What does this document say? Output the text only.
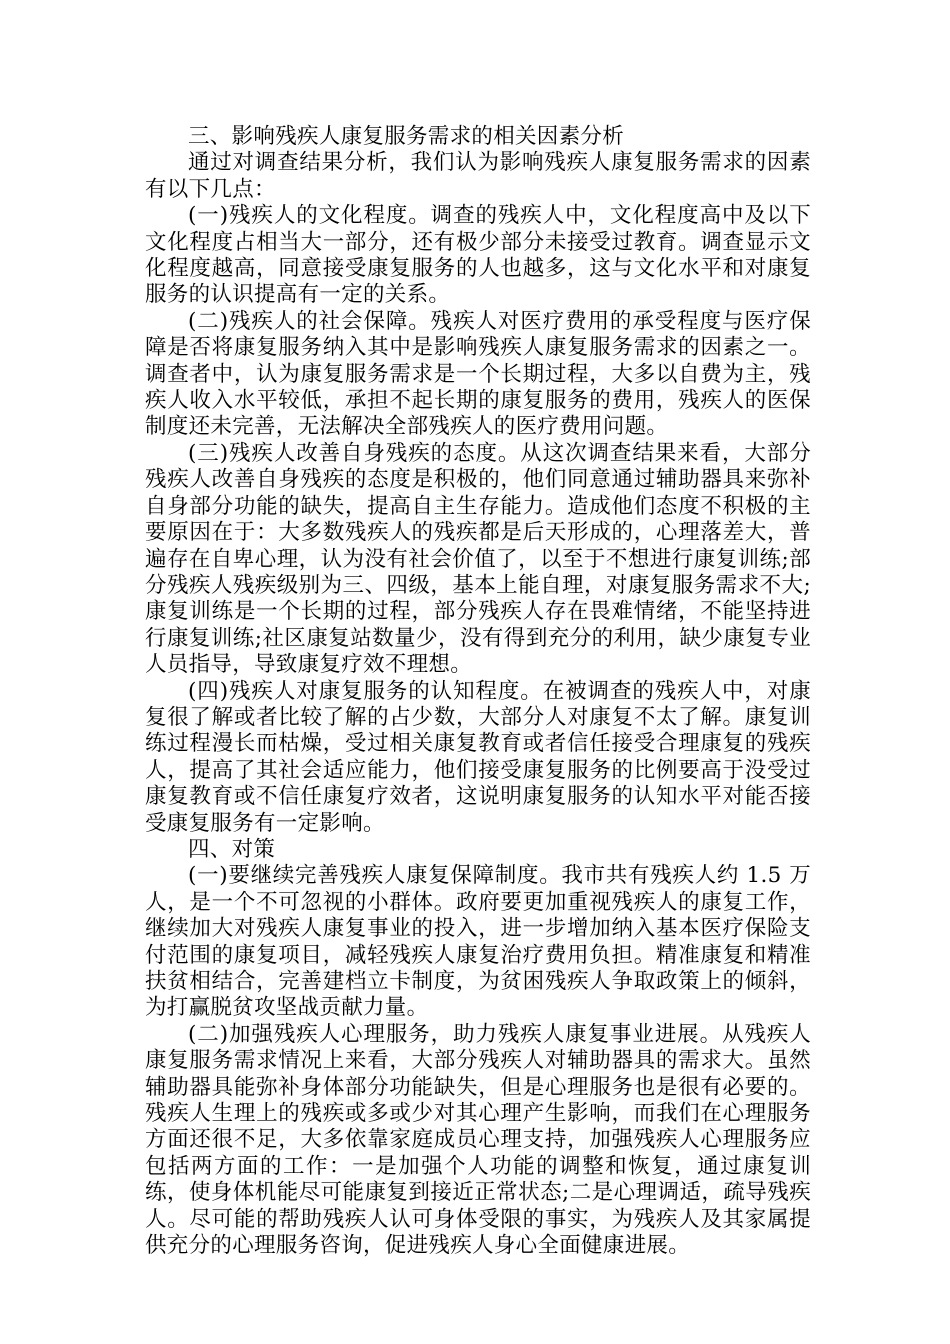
三、影响残疾人康复服务需求的相关因素分析

通过对调查结果分析，我们认为影响残疾人康复服务需求的因素有以下几点：

(一)残疾人的文化程度。调查的残疾人中，文化程度高中及以下文化程度占相当大一部分，还有极少部分未接受过教育。调查显示文化程度越高，同意接受康复服务的人也越多，这与文化水平和对康复服务的认识提高有一定的关系。

(二)残疾人的社会保障。残疾人对医疗费用的承受程度与医疗保障是否将康复服务纳入其中是影响残疾人康复服务需求的因素之一。调查者中，认为康复服务需求是一个长期过程，大多以自费为主，残疾人收入水平较低，承担不起长期的康复服务的费用，残疾人的医保制度还未完善，无法解决全部残疾人的医疗费用问题。

(三)残疾人改善自身残疾的态度。从这次调查结果来看，大部分残疾人改善自身残疾的态度是积极的，他们同意通过辅助器具来弥补自身部分功能的缺失，提高自主生存能力。造成他们态度不积极的主要原因在于：大多数残疾人的残疾都是后天形成的，心理落差大，普遍存在自卑心理，认为没有社会价值了，以至于不想进行康复训练;部分残疾人残疾级别为三、四级，基本上能自理，对康复服务需求不大;康复训练是一个长期的过程，部分残疾人存在畏难情绪，不能坚持进行康复训练;社区康复站数量少，没有得到充分的利用，缺少康复专业人员指导，导致康复疗效不理想。

(四)残疾人对康复服务的认知程度。在被调查的残疾人中，对康复很了解或者比较了解的占少数，大部分人对康复不太了解。康复训练过程漫长而枯燥，受过相关康复教育或者信任接受合理康复的残疾人，提高了其社会适应能力，他们接受康复服务的比例要高于没受过康复教育或不信任康复疗效者，这说明康复服务的认知水平对能否接受康复服务有一定影响。

四、对策

(一)要继续完善残疾人康复保障制度。我市共有残疾人约 1.5 万人，是一个不可忽视的小群体。政府要更加重视残疾人的康复工作，继续加大对残疾人康复事业的投入，进一步增加纳入基本医疗保险支付范围的康复项目，减轻残疾人康复治疗费用负担。精准康复和精准扶贫相结合，完善建档立卡制度，为贫困残疾人争取政策上的倾斜，为打赢脱贫攻坚战贡献力量。

(二)加强残疾人心理服务，助力残疾人康复事业进展。从残疾人康复服务需求情况上来看，大部分残疾人对辅助器具的需求大。虽然辅助器具能弥补身体部分功能缺失，但是心理服务也是很有必要的。残疾人生理上的残疾或多或少对其心理产生影响，而我们在心理服务方面还很不足，大多依靠家庭成员心理支持，加强残疾人心理服务应包括两方面的工作：一是加强个人功能的调整和恢复，通过康复训练，使身体机能尽可能康复到接近正常状态;二是心理调适，疏导残疾人。尽可能的帮助残疾人认可身体受限的事实，为残疾人及其家属提供充分的心理服务咨询，促进残疾人身心全面健康进展。
